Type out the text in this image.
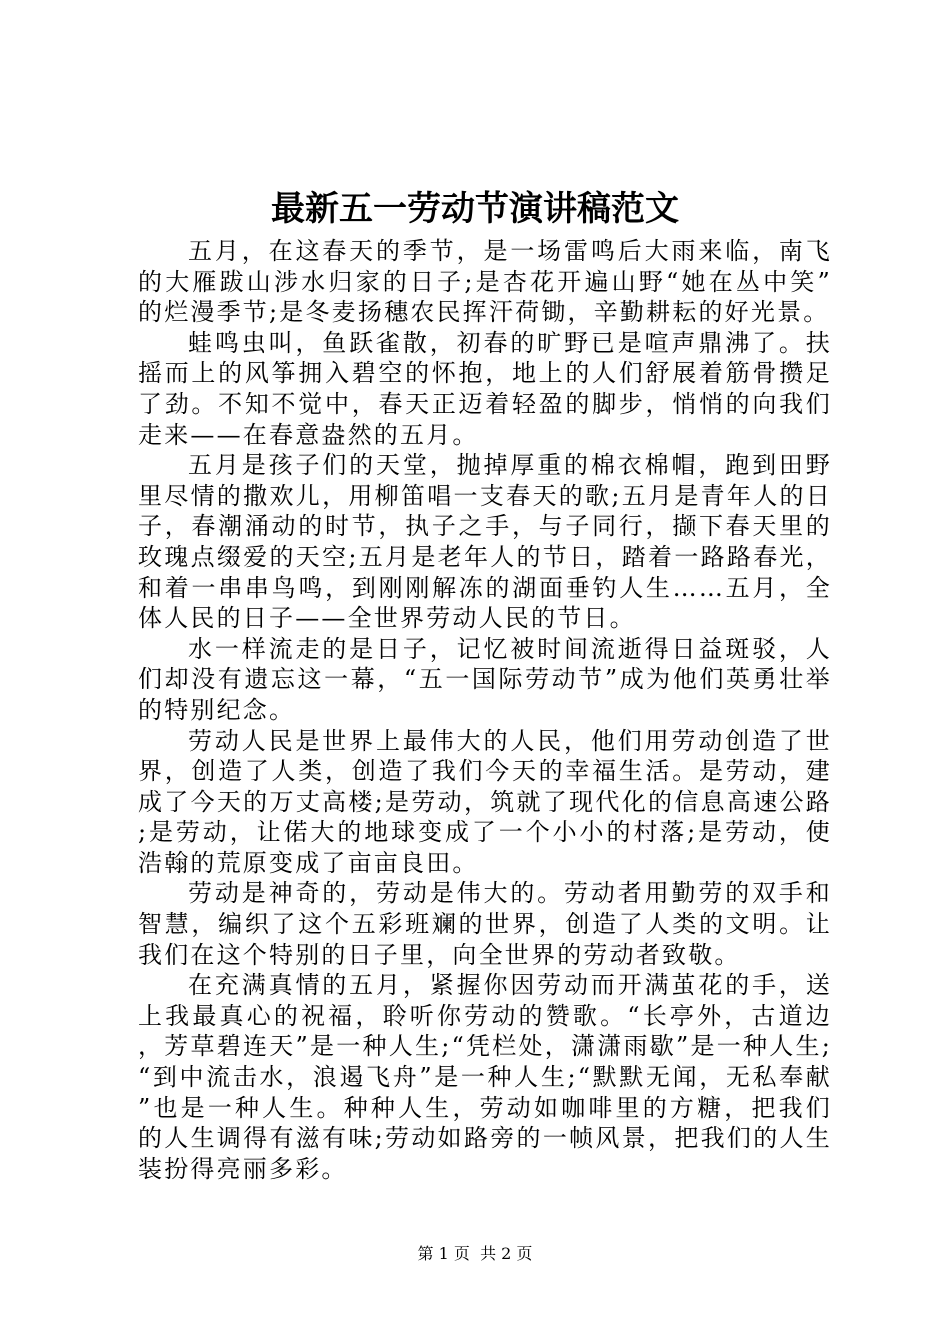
最新五一劳动节演讲稿范文

五月，在这春天的季节，是一场雷鸣后大雨来临，南飞的大雁跋山涉水归家的日子;是杏花开遍山野“她在丛中笑”的烂漫季节;是冬麦扬穗农民挥汗荷锄，辛勤耕耘的好光景。

蛙鸣虫叫，鱼跃雀散，初春的旷野已是喧声鼎沸了。扶摇而上的风筝拥入碧空的怀抱，地上的人们舒展着筋骨攒足了劲。不知不觉中，春天正迈着轻盈的脚步，悄悄的向我们走来——在春意盎然的五月。

五月是孩子们的天堂，抛掉厚重的棉衣棉帽，跑到田野里尽情的撒欢儿，用柳笛唱一支春天的歌;五月是青年人的日子，春潮涌动的时节，执子之手，与子同行，撷下春天里的玫瑰点缀爱的天空;五月是老年人的节日，踏着一路路春光，和着一串串鸟鸣，到刚刚解冻的湖面垂钓人生……五月，全体人民的日子——全世界劳动人民的节日。

水一样流走的是日子，记忆被时间流逝得日益斑驳，人们却没有遗忘这一幕，“五一国际劳动节”成为他们英勇壮举的特别纪念。

劳动人民是世界上最伟大的人民，他们用劳动创造了世界，创造了人类，创造了我们今天的幸福生活。是劳动，建成了今天的万丈高楼;是劳动，筑就了现代化的信息高速公路;是劳动，让偌大的地球变成了一个小小的村落;是劳动，使浩翰的荒原变成了亩亩良田。

劳动是神奇的，劳动是伟大的。劳动者用勤劳的双手和智慧，编织了这个五彩班斓的世界，创造了人类的文明。让我们在这个特别的日子里，向全世界的劳动者致敬。

在充满真情的五月，紧握你因劳动而开满茧花的手，送上我最真心的祝福，聆听你劳动的赞歌。“长亭外，古道边，芳草碧连天”是一种人生;“凭栏处，潇潇雨歇”是一种人生;“到中流击水，浪遏飞舟”是一种人生;“默默无闻，无私奉献”也是一种人生。种种人生，劳动如咖啡里的方糖，把我们的人生调得有滋有味;劳动如路旁的一帧风景，把我们的人生装扮得亮丽多彩。

第 1 页  共 2 页
